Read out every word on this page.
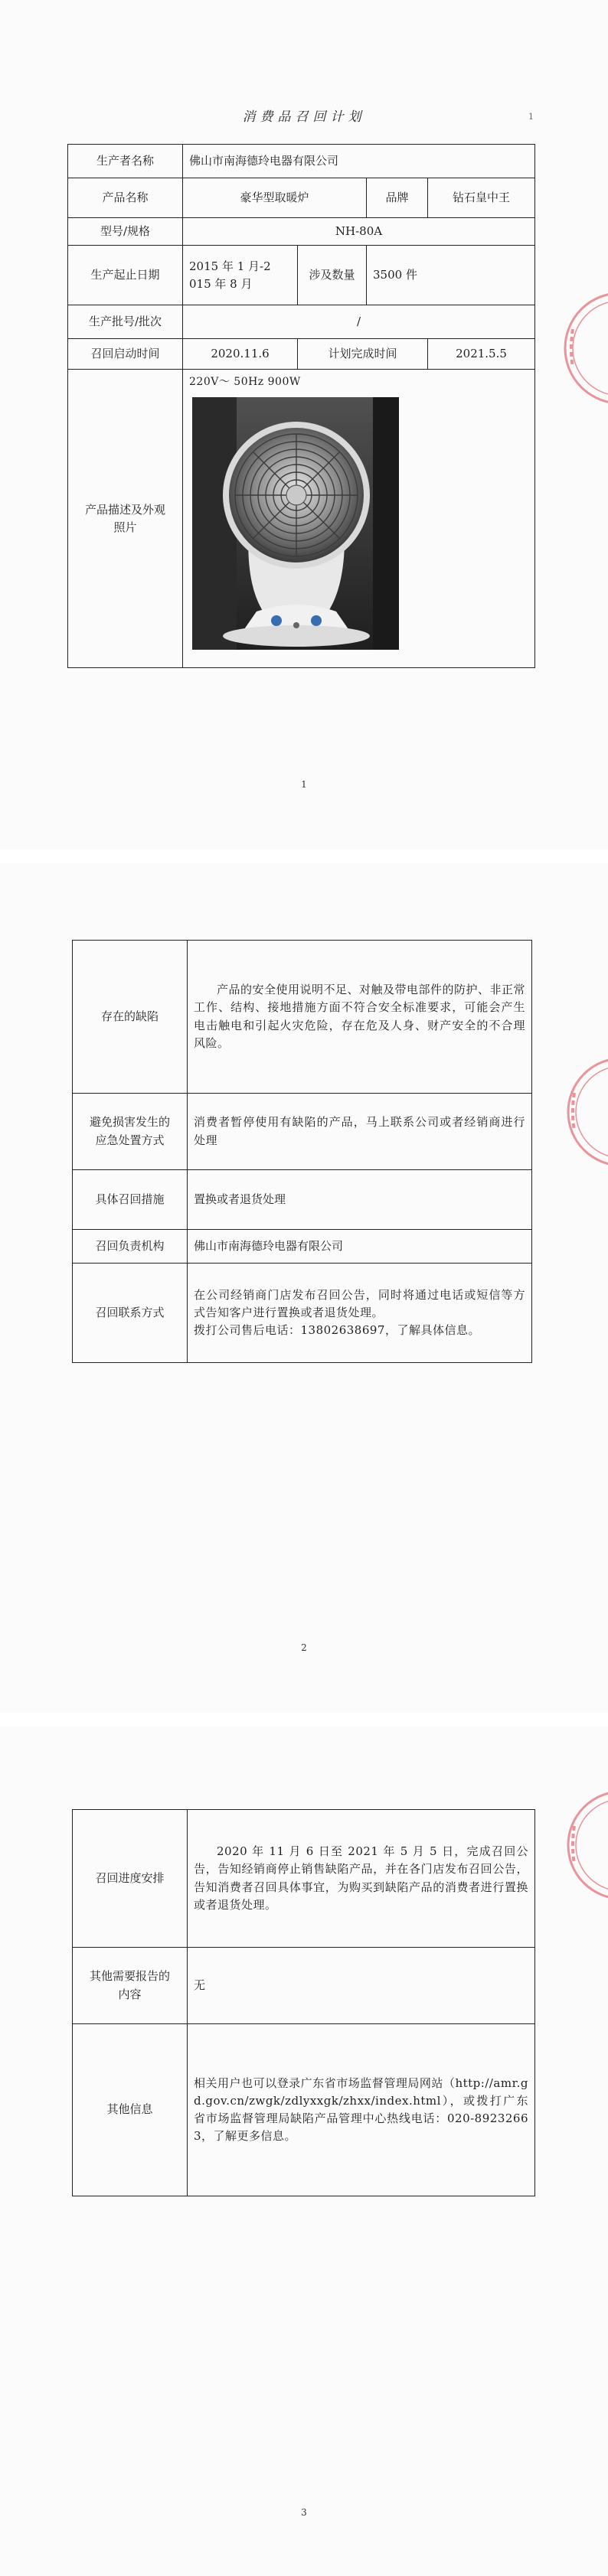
消费品召回计划	1
生产者名称	佛山市南海德玲电器有限公司			
产品名称	豪华型取暖炉		品牌	钻石皇中王
型号/规格	NH-80A			
生产起止日期	2015 年 1 月-2
015 年 8 月	涉及数量	3500 件	
生产批号/批次	/			
召回启动时间	2020.11.6	计划完成时间		2021.5.5

产品描述及外观
照片	220V～ 50Hz 900W			
1
存在的缺陷	产品的安全使用说明不足、对触及带电部件的防护、非正常工作、结构、接地措施方面不符合安全标准要求，可能会产生电击触电和引起火灾危险，存在危及人身、财产安全的不合理风险。

避免损害发生的
应急处置方式	消费者暂停使用有缺陷的产品，马上联系公司或者经销商进行处理
具体召回措施	置换或者退货处理
召回负责机构	佛山市南海德玲电器有限公司
召回联系方式	在公司经销商门店发布召回公告，同时将通过电话或短信等方式告知客户进行置换或者退货处理。
拨打公司售后电话：13802638697，了解具体信息。
2
召回进度安排	2020 年 11 月 6 日至 2021 年 5 月 5 日，完成召回公告，告知经销商停止销售缺陷产品，并在各门店发布召回公告，告知消费者召回具体事宜，为购买到缺陷产品的消费者进行置换或者退货处理。

其他需要报告的
内容	无
其他信息	相关用户也可以登录广东省市场监督管理局网站（http://amr.gd.gov.cn/zwgk/zdlyxxgk/zhxx/index.html），或拨打广东省市场监督管理局缺陷产品管理中心热线电话：020-89232663，了解更多信息。
3
